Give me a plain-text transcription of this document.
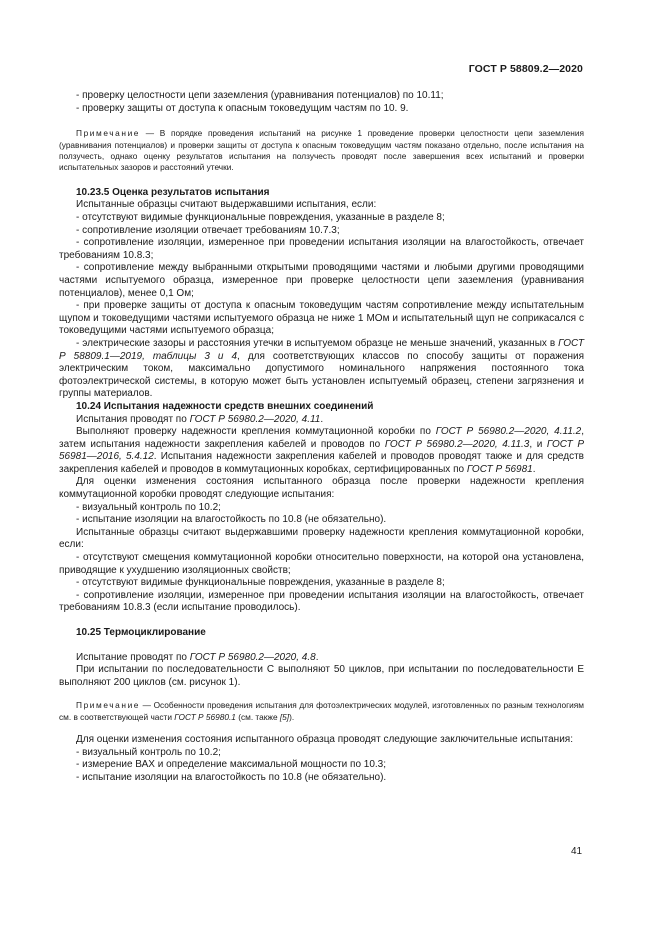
ГОСТ Р 58809.2—2020

- проверку целостности цепи заземления (уравнивания потенциалов) по 10.11;

- проверку защиты от доступа к опасным токоведущим частям по 10. 9.

Примечание — В порядке проведения испытаний на рисунке 1 проведение проверки целостности цепи заземления (уравнивания потенциалов) и проверки защиты от доступа к опасным токоведущим частям показано отдельно, после испытания на ползучесть, однако оценку результатов испытания на ползучесть проводят после завершения всех испытаний и проверки испытательных зазоров и расстояний утечки.

10.23.5 Оценка результатов испытания

Испытанные образцы считают выдержавшими испытания, если:

- отсутствуют видимые функциональные повреждения, указанные в разделе 8;

- сопротивление изоляции отвечает требованиям 10.7.3;

- сопротивление изоляции, измеренное при проведении испытания изоляции на влагостойкость, отвечает требованиям 10.8.3;

- сопротивление между выбранными открытыми проводящими частями и любыми другими проводящими частями испытуемого образца, измеренное при проверке целостности цепи заземления (уравнивания потенциалов), менее 0,1 Ом;

- при проверке защиты от доступа к опасным токоведущим частям сопротивление между испытательным щупом и токоведущими частями испытуемого образца не ниже 1 МОм и испытательный щуп не соприкасался с токоведущими частями испытуемого образца;

- электрические зазоры и расстояния утечки в испытуемом образце не меньше значений, указанных в ГОСТ Р 58809.1—2019, таблицы 3 и 4, для соответствующих классов по способу защиты от поражения электрическим током, максимально допустимого номинального напряжения постоянного тока фотоэлектрической системы, в которую может быть установлен испытуемый образец, степени загрязнения и группы материалов.

10.24 Испытания надежности средств внешних соединений

Испытания проводят по ГОСТ Р 56980.2—2020, 4.11.

Выполняют проверку надежности крепления коммутационной коробки по ГОСТ Р 56980.2—2020, 4.11.2, затем испытания надежности закрепления кабелей и проводов по ГОСТ Р 56980.2—2020, 4.11.3, и ГОСТ Р 56981—2016, 5.4.12. Испытания надежности закрепления кабелей и проводов проводят также и для средств закрепления кабелей и проводов в коммутационных коробках, сертифицированных по ГОСТ Р 56981.

Для оценки изменения состояния испытанного образца после проверки надежности крепления коммутационной коробки проводят следующие испытания:

- визуальный контроль по 10.2;

- испытание изоляции на влагостойкость по 10.8 (не обязательно).

Испытанные образцы считают выдержавшими проверку надежности крепления коммутационной коробки, если:

- отсутствуют смещения коммутационной коробки относительно поверхности, на которой она установлена, приводящие к ухудшению изоляционных свойств;

- отсутствуют видимые функциональные повреждения, указанные в разделе 8;

- сопротивление изоляции, измеренное при проведении испытания изоляции на влагостойкость, отвечает требованиям 10.8.3 (если испытание проводилось).

10.25 Термоциклирование

Испытание проводят по ГОСТ Р 56980.2—2020, 4.8.

При испытании по последовательности С выполняют 50 циклов, при испытании по последовательности Е выполняют 200 циклов (см. рисунок 1).

Примечание — Особенности проведения испытания для фотоэлектрических модулей, изготовленных по разным технологиям см. в соответствующей части ГОСТ Р 56980.1 (см. также [5]).

Для оценки изменения состояния испытанного образца проводят следующие заключительные испытания:

- визуальный контроль по 10.2;

- измерение ВАХ и определение максимальной мощности по 10.3;

- испытание изоляции на влагостойкость по 10.8 (не обязательно).

41
